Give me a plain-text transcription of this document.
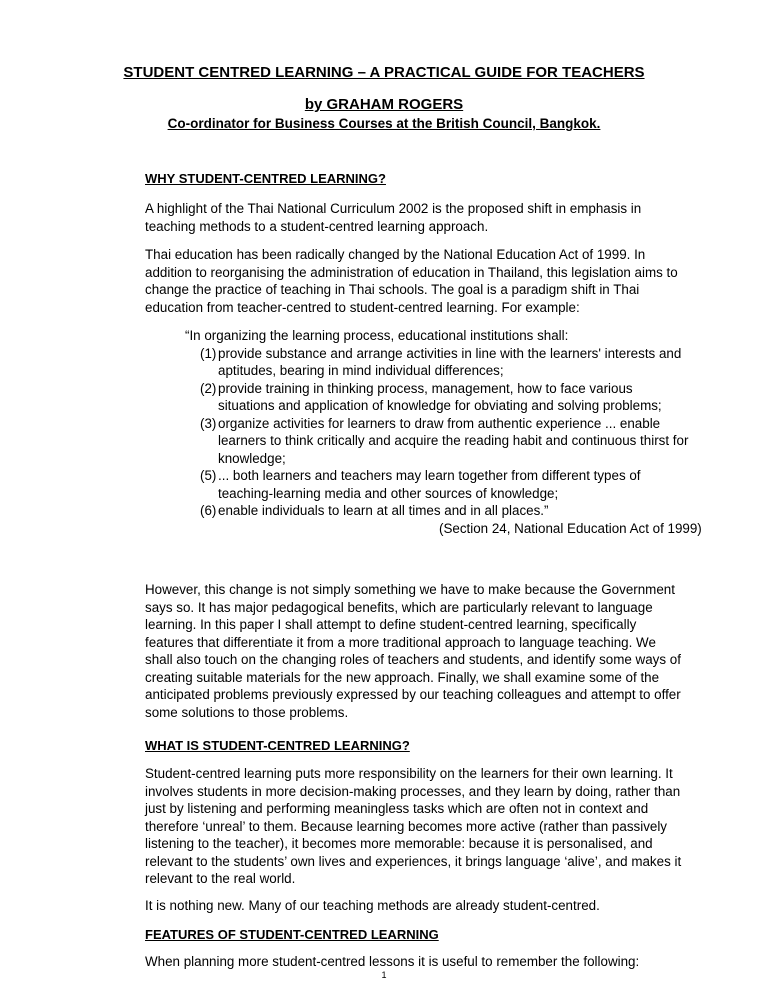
STUDENT CENTRED LEARNING – A PRACTICAL GUIDE FOR TEACHERS

by GRAHAM ROGERS

Co-ordinator for Business Courses at the British Council, Bangkok.

WHY STUDENT-CENTRED LEARNING?

A highlight of the Thai National Curriculum 2002 is the proposed shift in emphasis in
teaching methods to a student-centred learning approach.

Thai education has been radically changed by the National Education Act of 1999. In
addition to reorganising the administration of education in Thailand, this legislation aims to
change the practice of teaching in Thai schools. The goal is a paradigm shift in Thai
education from teacher-centred to student-centred learning. For example:

“In organizing the learning process, educational institutions shall:
(1) provide substance and arrange activities in line with the learners' interests and
aptitudes, bearing in mind individual differences;
(2) provide training in thinking process, management, how to face various
situations and application of knowledge for obviating and solving problems;
(3) organize activities for learners to draw from authentic experience ... enable
learners to think critically and acquire the reading habit and continuous thirst for
knowledge;
(5) ... both learners and teachers may learn together from different types of
teaching-learning media and other sources of knowledge;
(6) enable individuals to learn at all times and in all places.”
(Section 24, National Education Act of 1999)

However, this change is not simply something we have to make because the Government
says so. It has major pedagogical benefits, which are particularly relevant to language
learning. In this paper I shall attempt to define student-centred learning, specifically
features that differentiate it from a more traditional approach to language teaching. We
shall also touch on the changing roles of teachers and students, and identify some ways of
creating suitable materials for the new approach. Finally, we shall examine some of the
anticipated problems previously expressed by our teaching colleagues and attempt to offer
some solutions to those problems.

WHAT IS STUDENT-CENTRED LEARNING?

Student-centred learning puts more responsibility on the learners for their own learning. It
involves students in more decision-making processes, and they learn by doing, rather than
just by listening and performing meaningless tasks which are often not in context and
therefore ‘unreal’ to them. Because learning becomes more active (rather than passively
listening to the teacher), it becomes more memorable: because it is personalised, and
relevant to the students’ own lives and experiences, it brings language ‘alive’, and makes it
relevant to the real world.

It is nothing new. Many of our teaching methods are already student-centred.

FEATURES OF STUDENT-CENTRED LEARNING

When planning more student-centred lessons it is useful to remember the following:

1
